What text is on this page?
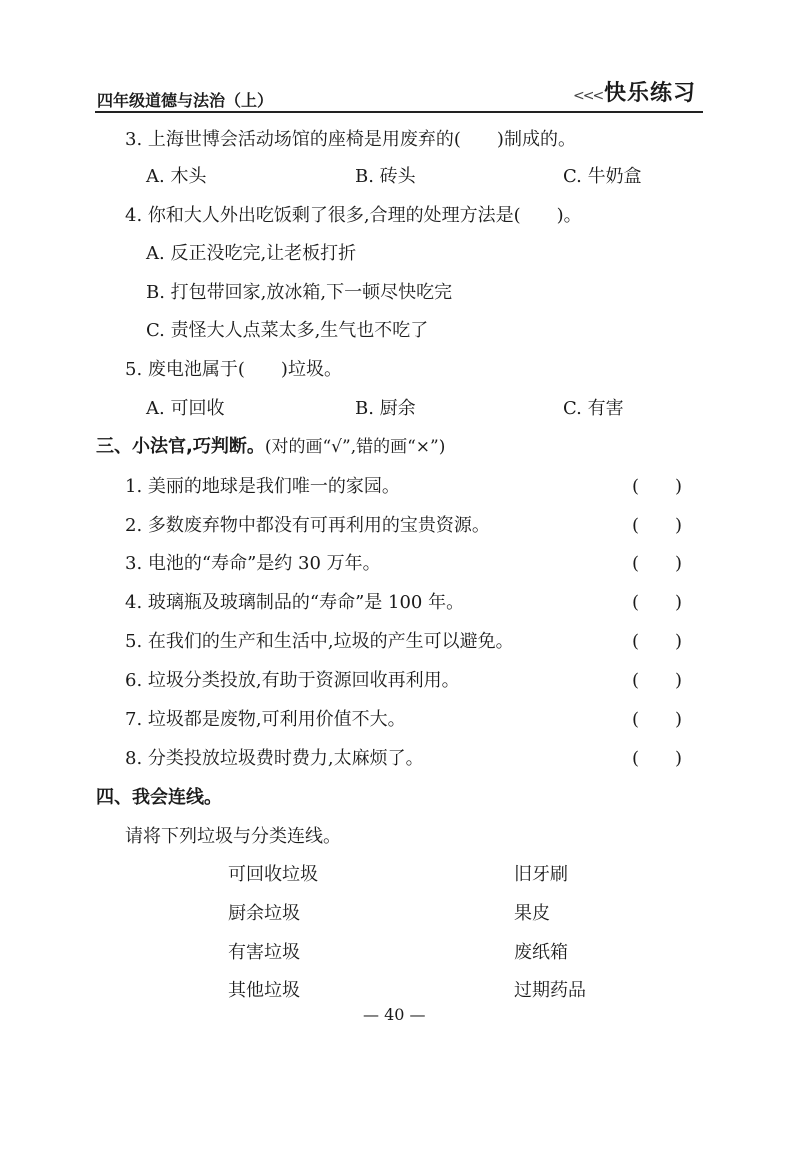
四年级道德与法治（上）	<<< 快乐练习
3. 上海世博会活动场馆的座椅是用废弃的(　　)制成的。
A. 木头	B. 砖头	C. 牛奶盒
4. 你和大人外出吃饭剩了很多,合理的处理方法是(　　)。
A. 反正没吃完,让老板打折
B. 打包带回家,放冰箱,下一顿尽快吃完
C. 责怪大人点菜太多,生气也不吃了
5. 废电池属于(　　)垃圾。
A. 可回收	B. 厨余	C. 有害
三、小法官,巧判断。(对的画“√”,错的画“×”)
1. 美丽的地球是我们唯一的家园。	(　　)
2. 多数废弃物中都没有可再利用的宝贵资源。	(　　)
3. 电池的“寿命”是约 30 万年。	(　　)
4. 玻璃瓶及玻璃制品的“寿命”是 100 年。	(　　)
5. 在我们的生产和生活中,垃圾的产生可以避免。	(　　)
6. 垃圾分类投放,有助于资源回收再利用。	(　　)
7. 垃圾都是废物,可利用价值不大。	(　　)
8. 分类投放垃圾费时费力,太麻烦了。	(　　)
四、我会连线。
请将下列垃圾与分类连线。
可回收垃圾	旧牙刷
厨余垃圾	果皮
有害垃圾	废纸箱
其他垃圾	过期药品
— 40 —
